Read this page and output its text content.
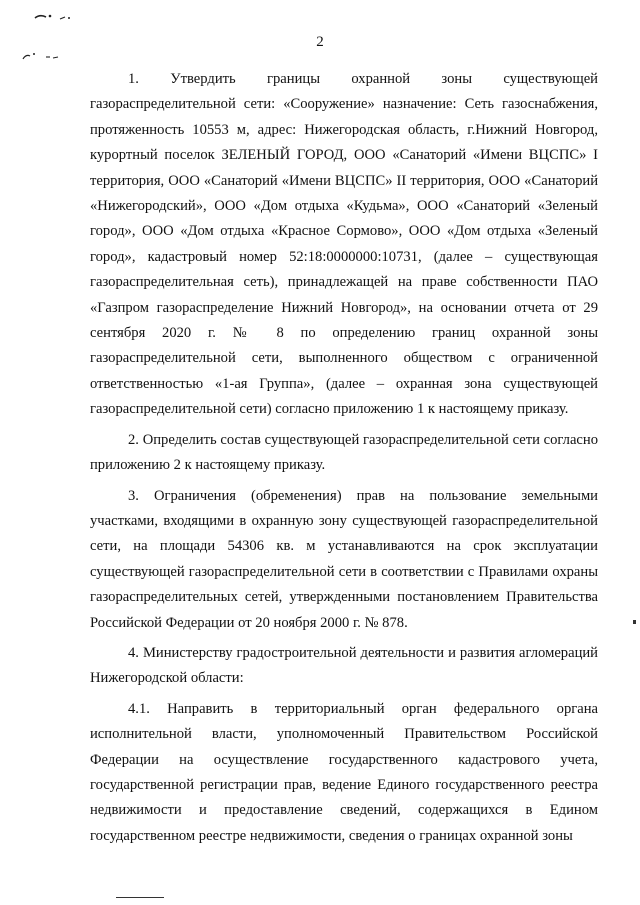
2

1. Утвердить границы охранной зоны существующей газораспределительной сети: «Сооружение» назначение: Сеть газоснабжения, протяженность 10553 м, адрес: Нижегородская область, г.Нижний Новгород, курортный поселок ЗЕЛЕНЫЙ ГОРОД, ООО «Санаторий «Имени ВЦСПС» I территория, ООО «Санаторий «Имени ВЦСПС» II территория, ООО «Санаторий «Нижегородский», ООО «Дом отдыха «Кудьма», ООО «Санаторий «Зеленый город», ООО «Дом отдыха «Красное Сормово», ООО «Дом отдыха «Зеленый город», кадастровый номер 52:18:0000000:10731, (далее – существующая газораспределительная сеть), принадлежащей на праве собственности ПАО «Газпром газораспределение Нижний Новгород», на основании отчета от 29 сентября 2020 г. № 8 по определению границ охранной зоны газораспределительной сети, выполненного обществом с ограниченной ответственностью «1-ая Группа», (далее – охранная зона существующей газораспределительной сети) согласно приложению 1 к настоящему приказу.

2. Определить состав существующей газораспределительной сети согласно приложению 2 к настоящему приказу.

3. Ограничения (обременения) прав на пользование земельными участками, входящими в охранную зону существующей газораспределительной сети, на площади 54306 кв. м устанавливаются на срок эксплуатации существующей газораспределительной сети в соответствии с Правилами охраны газораспределительных сетей, утвержденными постановлением Правительства Российской Федерации от 20 ноября 2000 г. № 878.

4. Министерству градостроительной деятельности и развития агломераций Нижегородской области:

4.1. Направить в территориальный орган федерального органа исполнительной власти, уполномоченный Правительством Российской Федерации на осуществление государственного кадастрового учета, государственной регистрации прав, ведение Единого государственного реестра недвижимости и предоставление сведений, содержащихся в Едином государственном реестре недвижимости, сведения о границах охранной зоны
